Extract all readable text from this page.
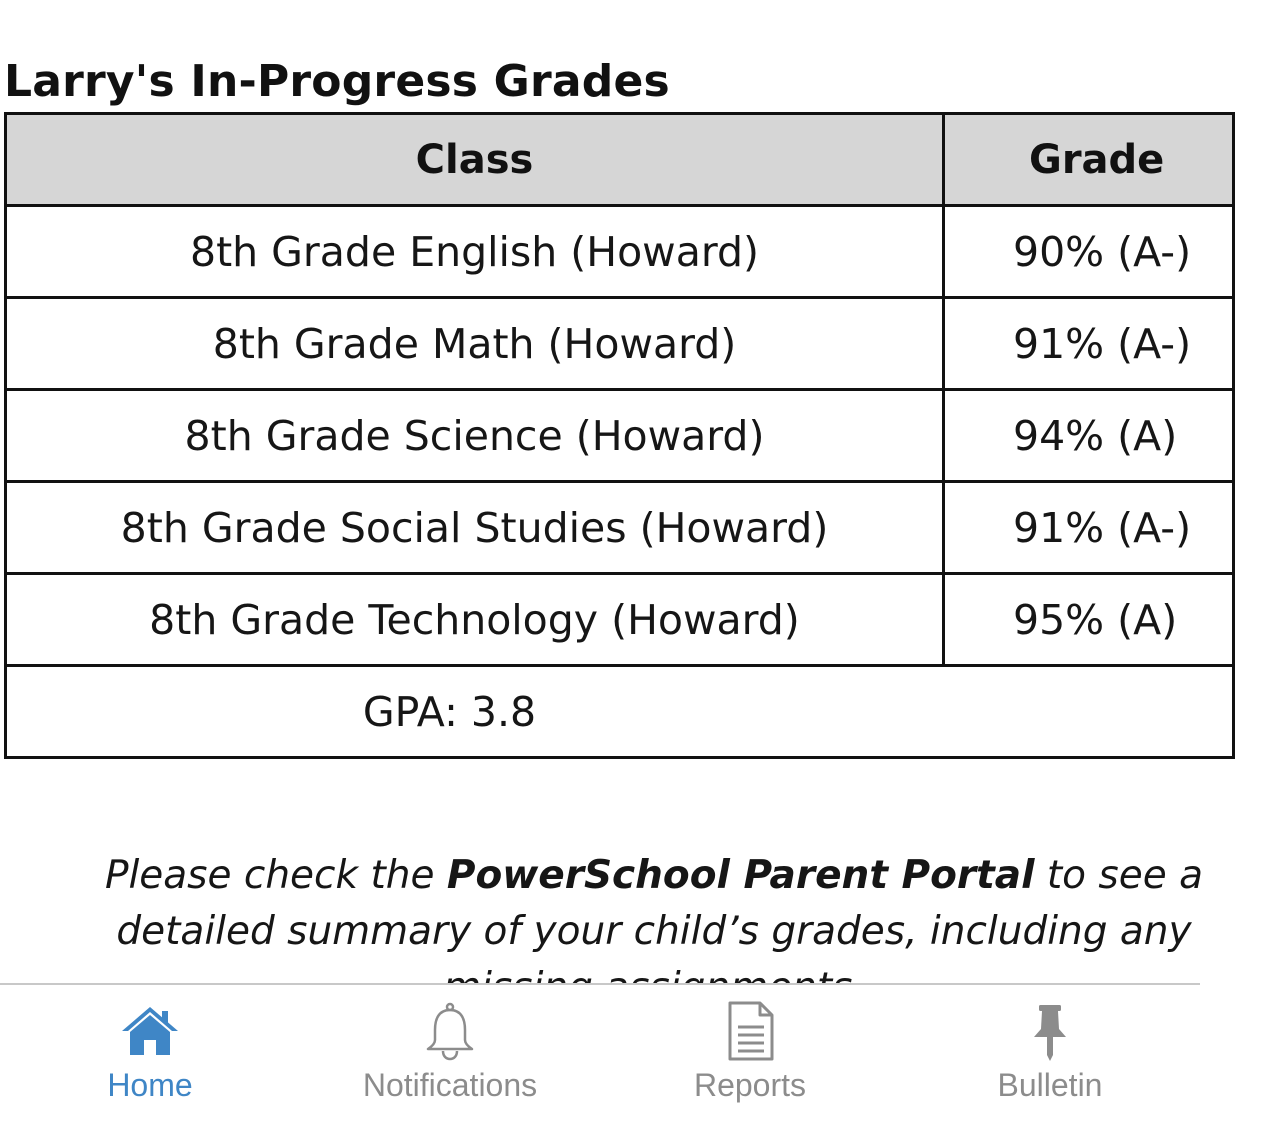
Larry's In-Progress Grades
Class	Grade
8th Grade English (Howard)	90% (A-)
8th Grade Math (Howard)	91% (A-)
8th Grade Science (Howard)	94% (A)
8th Grade Social Studies (Howard)	91% (A-)
8th Grade Technology (Howard)	95% (A)
GPA: 3.8	
Please check the PowerSchool Parent Portal to see a
detailed summary of your child’s grades, including any
Home	Notifications	Reports	Bulletin
